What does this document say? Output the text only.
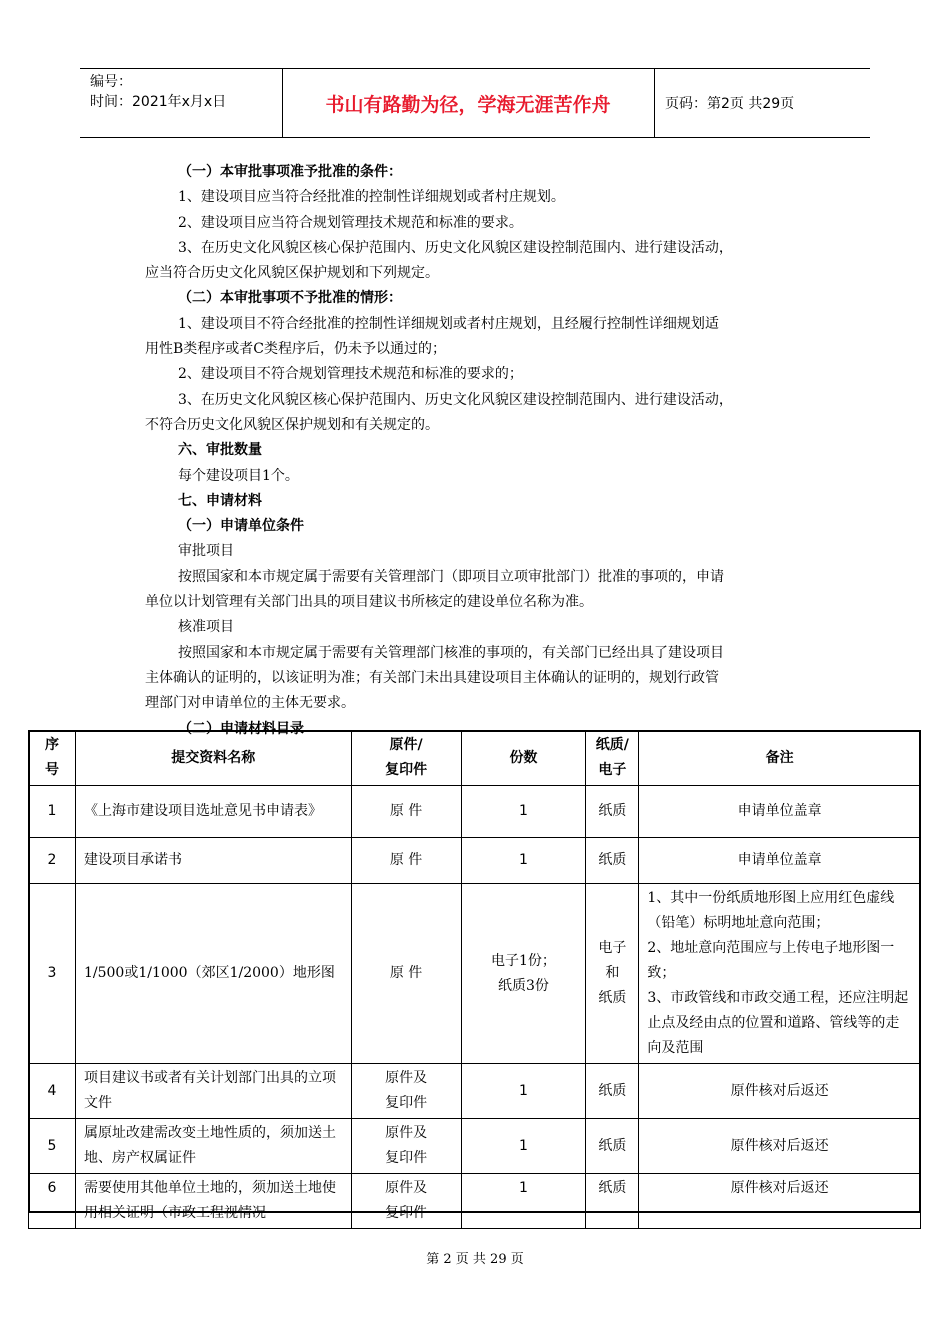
编号：
时间：2021年x月x日	书山有路勤为径，学海无涯苦作舟	页码：第2页 共29页

（一）本审批事项准予批准的条件：

1、建设项目应当符合经批准的控制性详细规划或者村庄规划。

2、建设项目应当符合规划管理技术规范和标准的要求。

3、在历史文化风貌区核心保护范围内、历史文化风貌区建设控制范围内、进行建设活动，

应当符合历史文化风貌区保护规划和下列规定。

（二）本审批事项不予批准的情形：

1、建设项目不符合经批准的控制性详细规划或者村庄规划，且经履行控制性详细规划适

用性B类程序或者C类程序后，仍未予以通过的；

2、建设项目不符合规划管理技术规范和标准的要求的；

3、在历史文化风貌区核心保护范围内、历史文化风貌区建设控制范围内、进行建设活动，

不符合历史文化风貌区保护规划和有关规定的。

六、审批数量

每个建设项目1个。

七、申请材料

（一）申请单位条件

审批项目

按照国家和本市规定属于需要有关管理部门（即项目立项审批部门）批准的事项的，申请

单位以计划管理有关部门出具的项目建议书所核定的建设单位名称为准。

核准项目

按照国家和本市规定属于需要有关管理部门核准的事项的，有关部门已经出具了建设项目

主体确认的证明的，以该证明为准；有关部门未出具建设项目主体确认的证明的，规划行政管

理部门对申请单位的主体无要求。

（二）申请材料目录

序
号	提交资料名称	原件/
复印件	份数	纸质/
电子	备注
1	《上海市建设项目选址意见书申请表》	原 件	1	纸质	申请单位盖章
2	建设项目承诺书	原 件	1	纸质	申请单位盖章
3	1/500或1/1000（郊区1/2000）地形图	原 件	电子1份；
纸质3份	电子
和
纸质	1、其中一份纸质地形图上应用红色虚线（铅笔）标明地址意向范围；
2、地址意向范围应与上传电子地形图一致；
3、市政管线和市政交通工程，还应注明起止点及经由点的位置和道路、管线等的走向及范围
4	项目建议书或者有关计划部门出具的立项文件	原件及
复印件	1	纸质	原件核对后返还
5	属原址改建需改变土地性质的，须加送土地、房产权属证件	原件及
复印件	1	纸质	原件核对后返还
6	需要使用其他单位土地的，须加送土地使用相关证明（市政工程视情况	原件及
复印件	1	纸质	原件核对后返还
第 2 页 共 29 页
